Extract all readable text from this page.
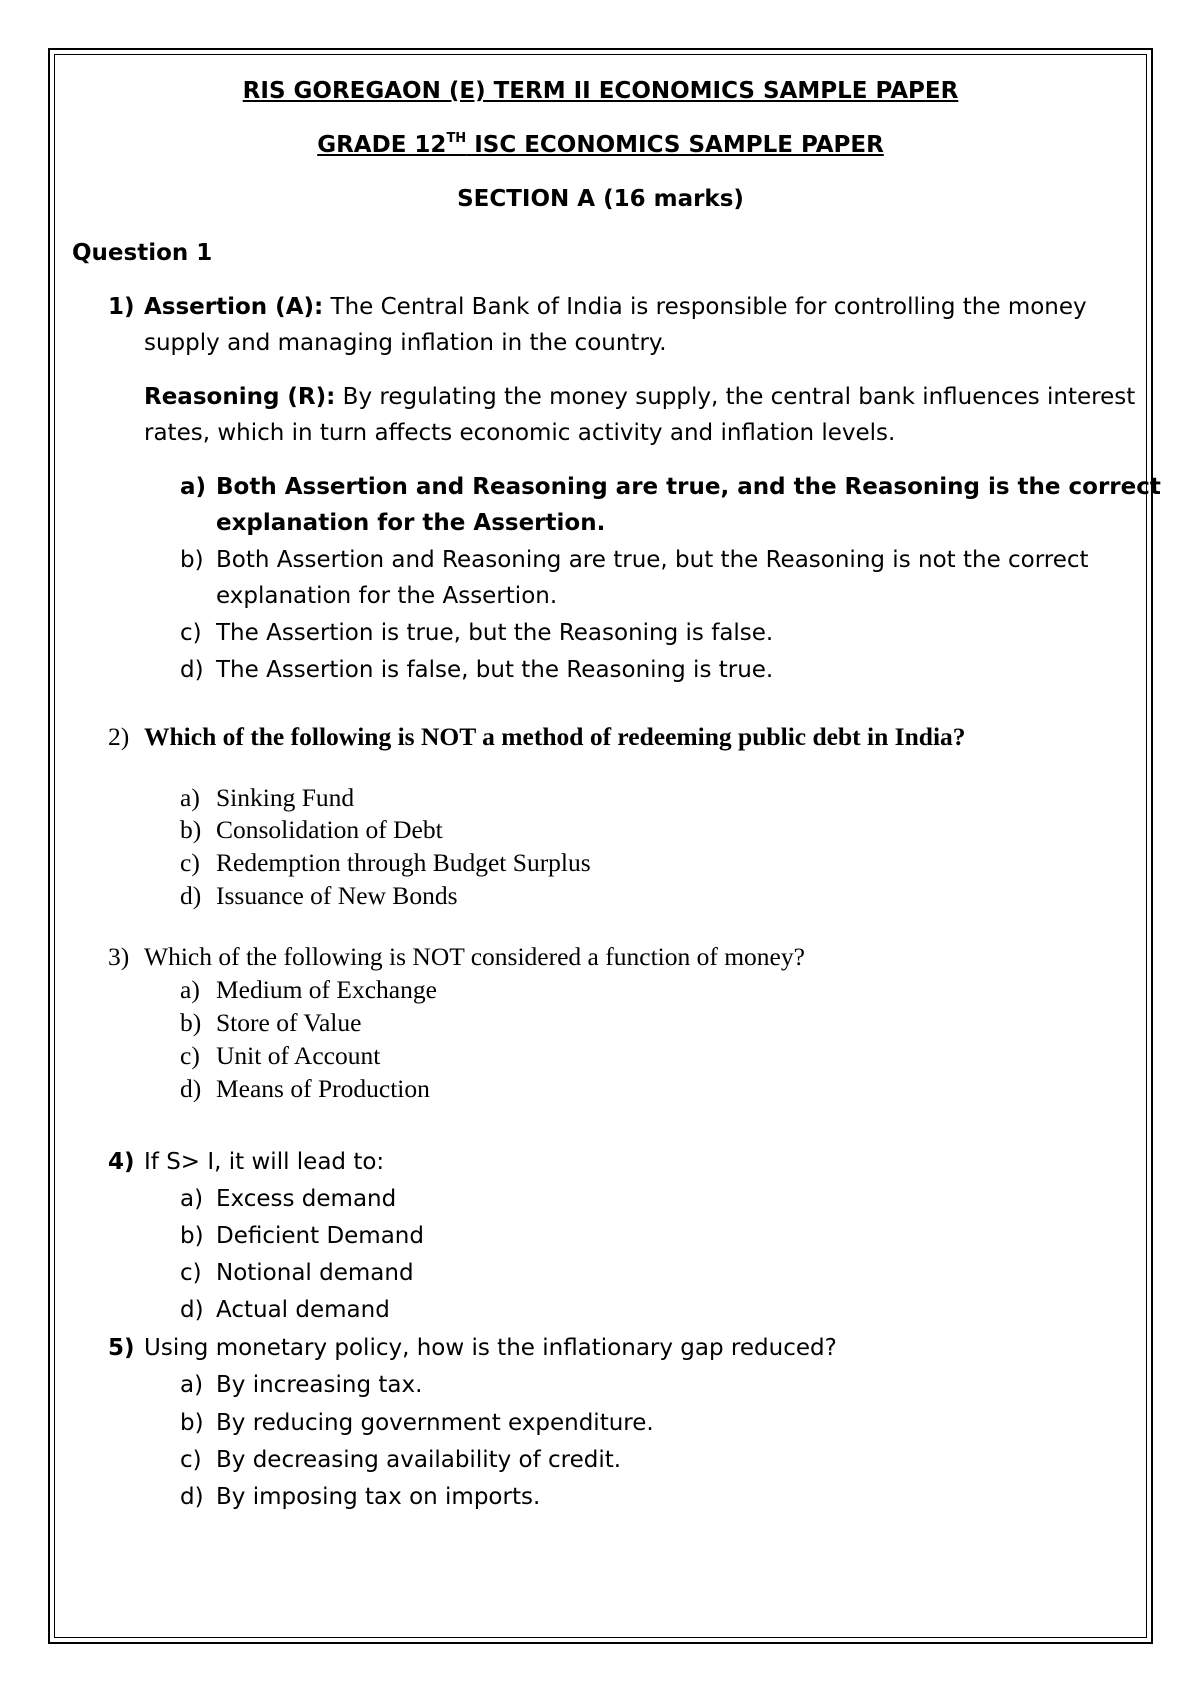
RIS GOREGAON (E) TERM II ECONOMICS SAMPLE PAPER
GRADE 12TH ISC ECONOMICS SAMPLE PAPER
SECTION A (16 marks)
Question 1
1) Assertion (A): The Central Bank of India is responsible for controlling the money
supply and managing inflation in the country.
Reasoning (R): By regulating the money supply, the central bank influences interest
rates, which in turn affects economic activity and inflation levels.
a) Both Assertion and Reasoning are true, and the Reasoning is the correct
explanation for the Assertion.
b) Both Assertion and Reasoning are true, but the Reasoning is not the correct
explanation for the Assertion.
c) The Assertion is true, but the Reasoning is false.
d) The Assertion is false, but the Reasoning is true.
2) Which of the following is NOT a method of redeeming public debt in India?
a) Sinking Fund
b) Consolidation of Debt
c) Redemption through Budget Surplus
d) Issuance of New Bonds
3) Which of the following is NOT considered a function of money?
a) Medium of Exchange
b) Store of Value
c) Unit of Account
d) Means of Production
4) If S> I, it will lead to:
a) Excess demand
b) Deficient Demand
c) Notional demand
d) Actual demand
5) Using monetary policy, how is the inflationary gap reduced?
a) By increasing tax.
b) By reducing government expenditure.
c) By decreasing availability of credit.
d) By imposing tax on imports.
